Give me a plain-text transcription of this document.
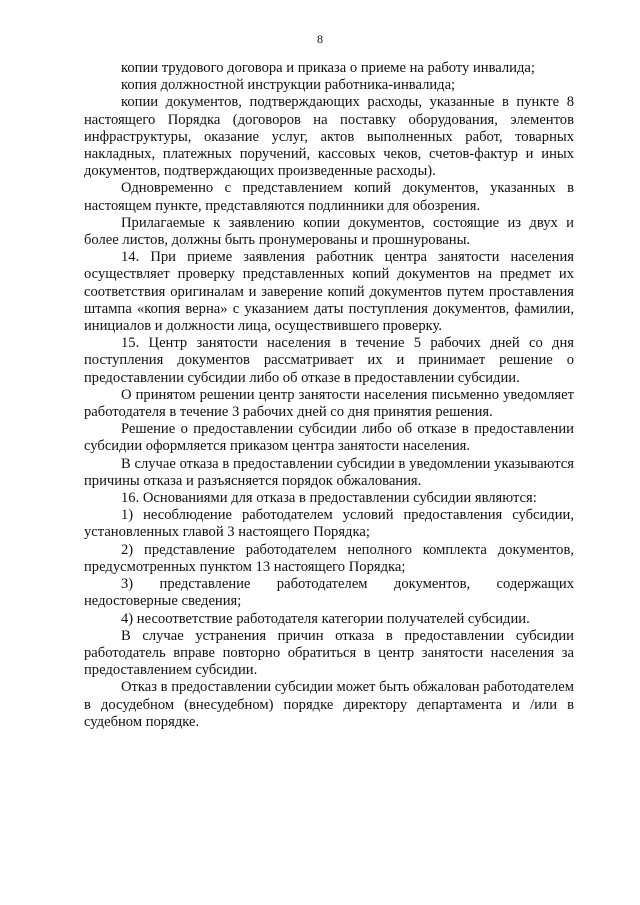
8

копии трудового договора и приказа о приеме на работу инвалида;

копия должностной инструкции работника-инвалида;

копии документов, подтверждающих расходы, указанные в пункте 8 настоящего Порядка (договоров на поставку оборудования, элементов инфраструктуры, оказание услуг, актов выполненных работ, товарных накладных, платежных поручений, кассовых чеков, счетов-фактур и иных документов, подтверждающих произведенные расходы).

Одновременно с представлением копий документов, указанных в настоящем пункте, представляются подлинники для обозрения.

Прилагаемые к заявлению копии документов, состоящие из двух и более листов, должны быть пронумерованы и прошнурованы.

14. При приеме заявления работник центра занятости населения осуществляет проверку представленных копий документов на предмет их соответствия оригиналам и заверение копий документов путем проставления штампа «копия верна» с указанием даты поступления документов, фамилии, инициалов и должности лица, осуществившего проверку.

15. Центр занятости населения в течение 5 рабочих дней со дня поступления документов рассматривает их и принимает решение о предоставлении субсидии либо об отказе в предоставлении субсидии.

О принятом решении центр занятости населения письменно уведомляет работодателя в течение 3 рабочих дней со дня принятия решения.

Решение о предоставлении субсидии либо об отказе в предоставлении субсидии оформляется приказом центра занятости населения.

В случае отказа в предоставлении субсидии в уведомлении указываются причины отказа и разъясняется порядок обжалования.

16. Основаниями для отказа в предоставлении субсидии являются:

1) несоблюдение работодателем условий предоставления субсидии, установленных главой 3 настоящего Порядка;

2) представление работодателем неполного комплекта документов, предусмотренных пунктом 13 настоящего Порядка;

3) представление работодателем документов, содержащих недостоверные сведения;

4) несоответствие работодателя категории получателей субсидии.

В случае устранения причин отказа в предоставлении субсидии работодатель вправе повторно обратиться в центр занятости населения за предоставлением субсидии.

Отказ в предоставлении субсидии может быть обжалован работодателем в досудебном (внесудебном) порядке директору департамента и /или в судебном порядке.
